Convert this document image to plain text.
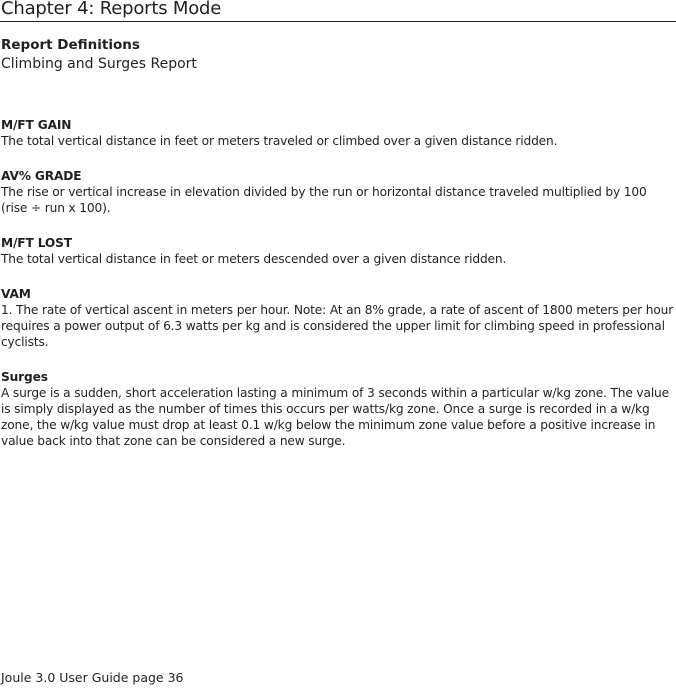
Chapter 4: Reports Mode
Report Definitions
Climbing and Surges Report
M/FT GAIN
The total vertical distance in feet or meters traveled or climbed over a given distance ridden.
AV% GRADE
The rise or vertical increase in elevation divided by the run or horizontal distance traveled multiplied by 100 (rise ÷ run x 100).
M/FT LOST
The total vertical distance in feet or meters descended over a given distance ridden.
VAM
1. The rate of vertical ascent in meters per hour. Note: At an 8% grade, a rate of ascent of 1800 meters per hour requires a power output of 6.3 watts per kg and is considered the upper limit for climbing speed in professional cyclists.
Surges
A surge is a sudden, short acceleration lasting a minimum of 3 seconds within a particular w/kg zone. The value is simply displayed as the number of times this occurs per watts/kg zone. Once a surge is recorded in a w/kg zone, the w/kg value must drop at least 0.1 w/kg below the minimum zone value before a positive increase in value back into that zone can be considered a new surge.
Joule 3.0 User Guide page 36
